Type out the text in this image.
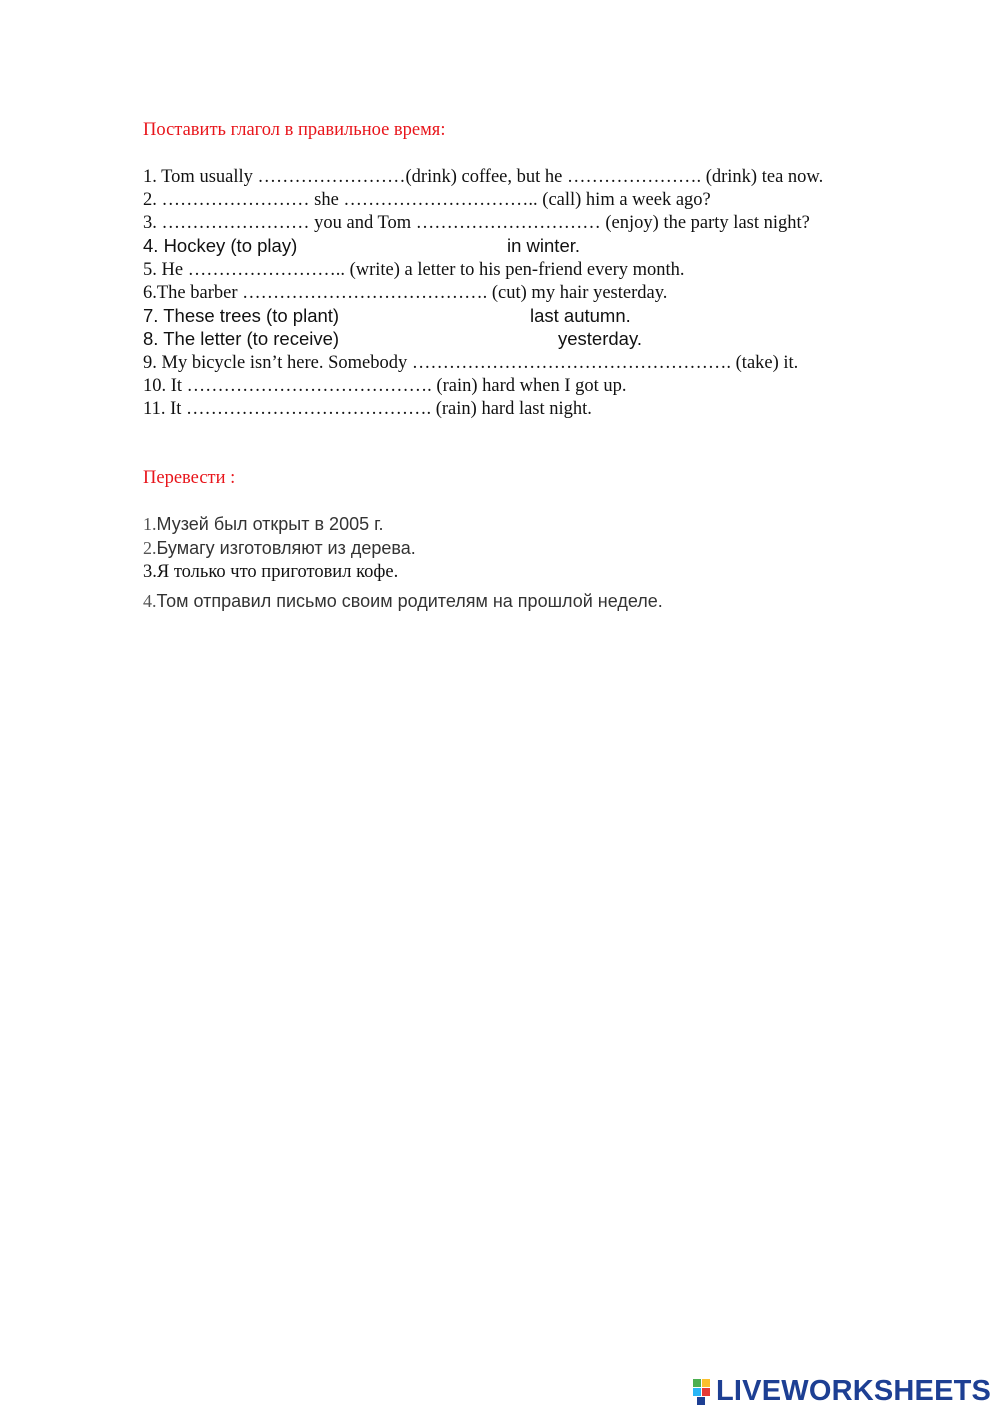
Поставить глагол в правильное время:
1. Tom usually ……………………(drink) coffee, but he …………………. (drink) tea now.
2. …………………… she ………………………….. (call) him a week ago?
3. …………………… you and Tom ………………………… (enjoy) the party last night?
4. Hockey (to play)	in winter.
5. He …………………….. (write) a letter to his pen-friend every month.
6.The barber …………………………………. (cut) my hair yesterday.
7. These trees (to plant)	last autumn.
8. The letter (to receive)	yesterday.
9. My bicycle isn’t here. Somebody ……………………………………………. (take) it.
10. It …………………………………. (rain) hard when I got up.
11. It …………………………………. (rain) hard last night.
Перевести :
1.Музей был открыт в 2005 г.
2.Бумагу изготовляют из дерева.
3.Я только что приготовил кофе.
4.Том отправил письмо своим родителям на прошлой неделе.
LIVEWORKSHEETS
